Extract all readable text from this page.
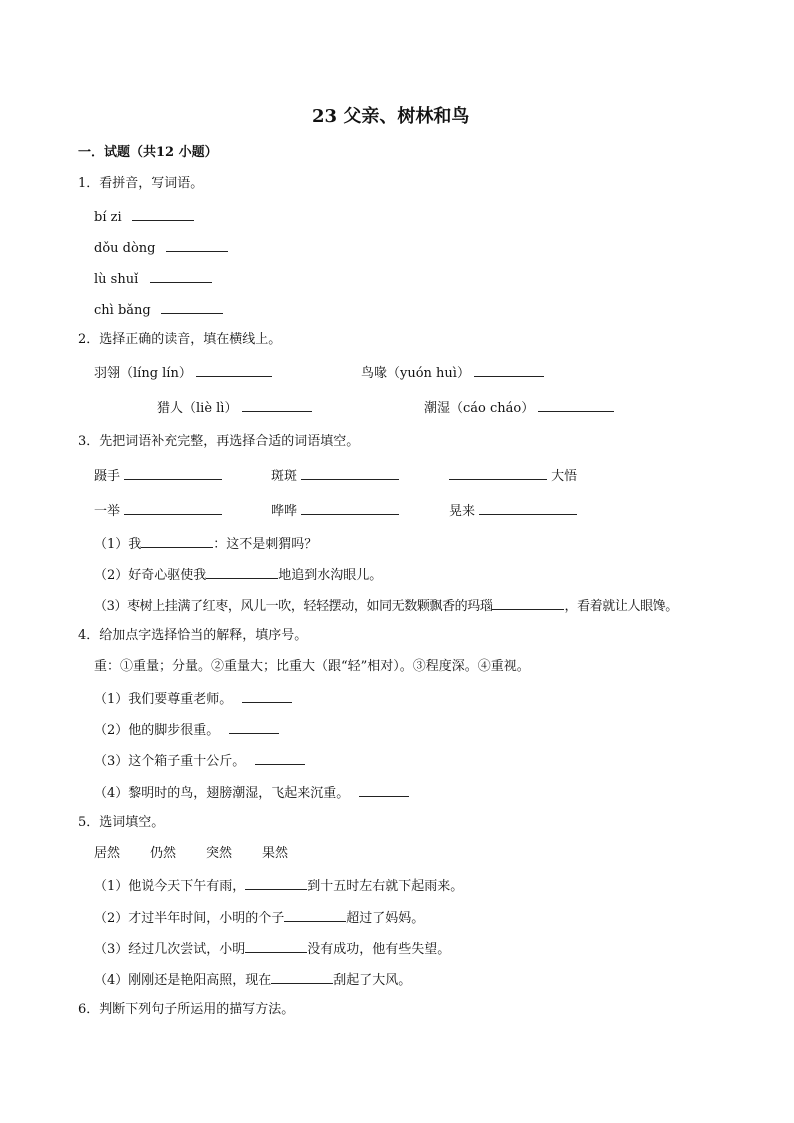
23 父亲、树林和鸟
一．试题（共12 小题）
1．看拼音，写词语。
bí zi
dǒu dòng
lù shuǐ
chì bǎng
2．选择正确的读音，填在横线上。
羽翎（líng lín）	鸟喙（yuón huì）
猎人（liè lì）	潮湿（cáo cháo）
3．先把词语补充完整，再选择合适的词语填空。
蹑手	斑斑	大悟
一举	哗哗	晃来
（1）我	：这不是刺猬吗？
（2）好奇心驱使我	地追到水沟眼儿。
（3）枣树上挂满了红枣，风儿一吹，轻轻摆动，如同无数颗飘香的玛瑙	，看着就让人眼馋。
4．给加点字选择恰当的解释，填序号。
重：①重量；分量。②重量大；比重大（跟“轻”相对）。③程度深。④重视。
（1）我们要尊重老师。
（2）他的脚步很重。
（3）这个箱子重十公斤。
（4）黎明时的鸟，翅膀潮湿，飞起来沉重。
5．选词填空。
居然 仍然 突然 果然
（1）他说今天下午有雨，	到十五时左右就下起雨来。
（2）才过半年时间，小明的个子	超过了妈妈。
（3）经过几次尝试，小明	没有成功，他有些失望。
（4）刚刚还是艳阳高照，现在	刮起了大风。
6．判断下列句子所运用的描写方法。
